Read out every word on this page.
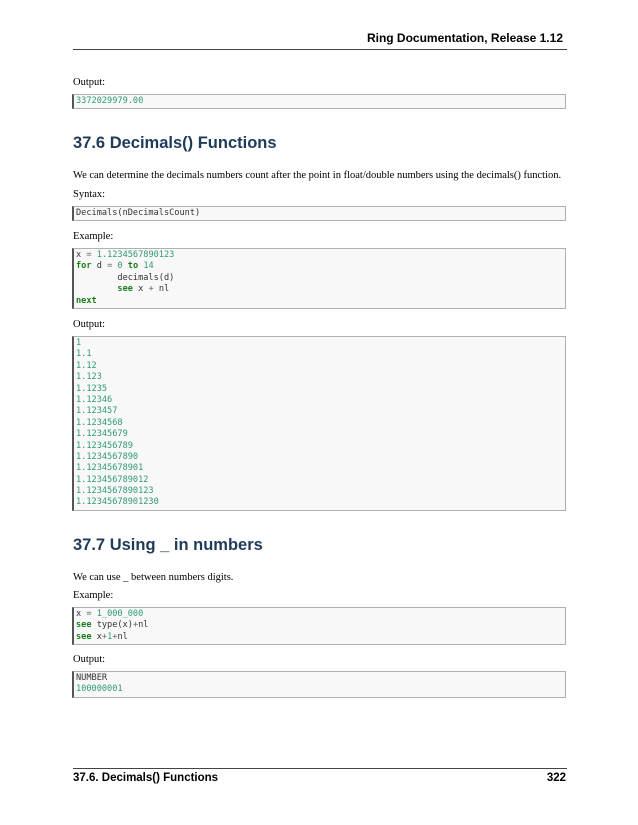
Ring Documentation, Release 1.12
Output:
3372029979.00
37.6 Decimals() Functions
We can determine the decimals numbers count after the point in float/double numbers using the decimals() function.
Syntax:
Decimals(nDecimalsCount)
Example:
x = 1.1234567890123
for d = 0 to 14
decimals(d)
see x + nl
next
Output:
1
1.1
1.12
1.123
1.1235
1.12346
1.123457
1.1234568
1.12345679
1.123456789
1.1234567890
1.12345678901
1.123456789012
1.1234567890123
1.12345678901230
37.7 Using _ in numbers
We can use _ between numbers digits.
Example:
x = 1_000_000
see type(x)+nl
see x+1+nl
Output:
NUMBER
100000001
37.6. Decimals() Functions	322
